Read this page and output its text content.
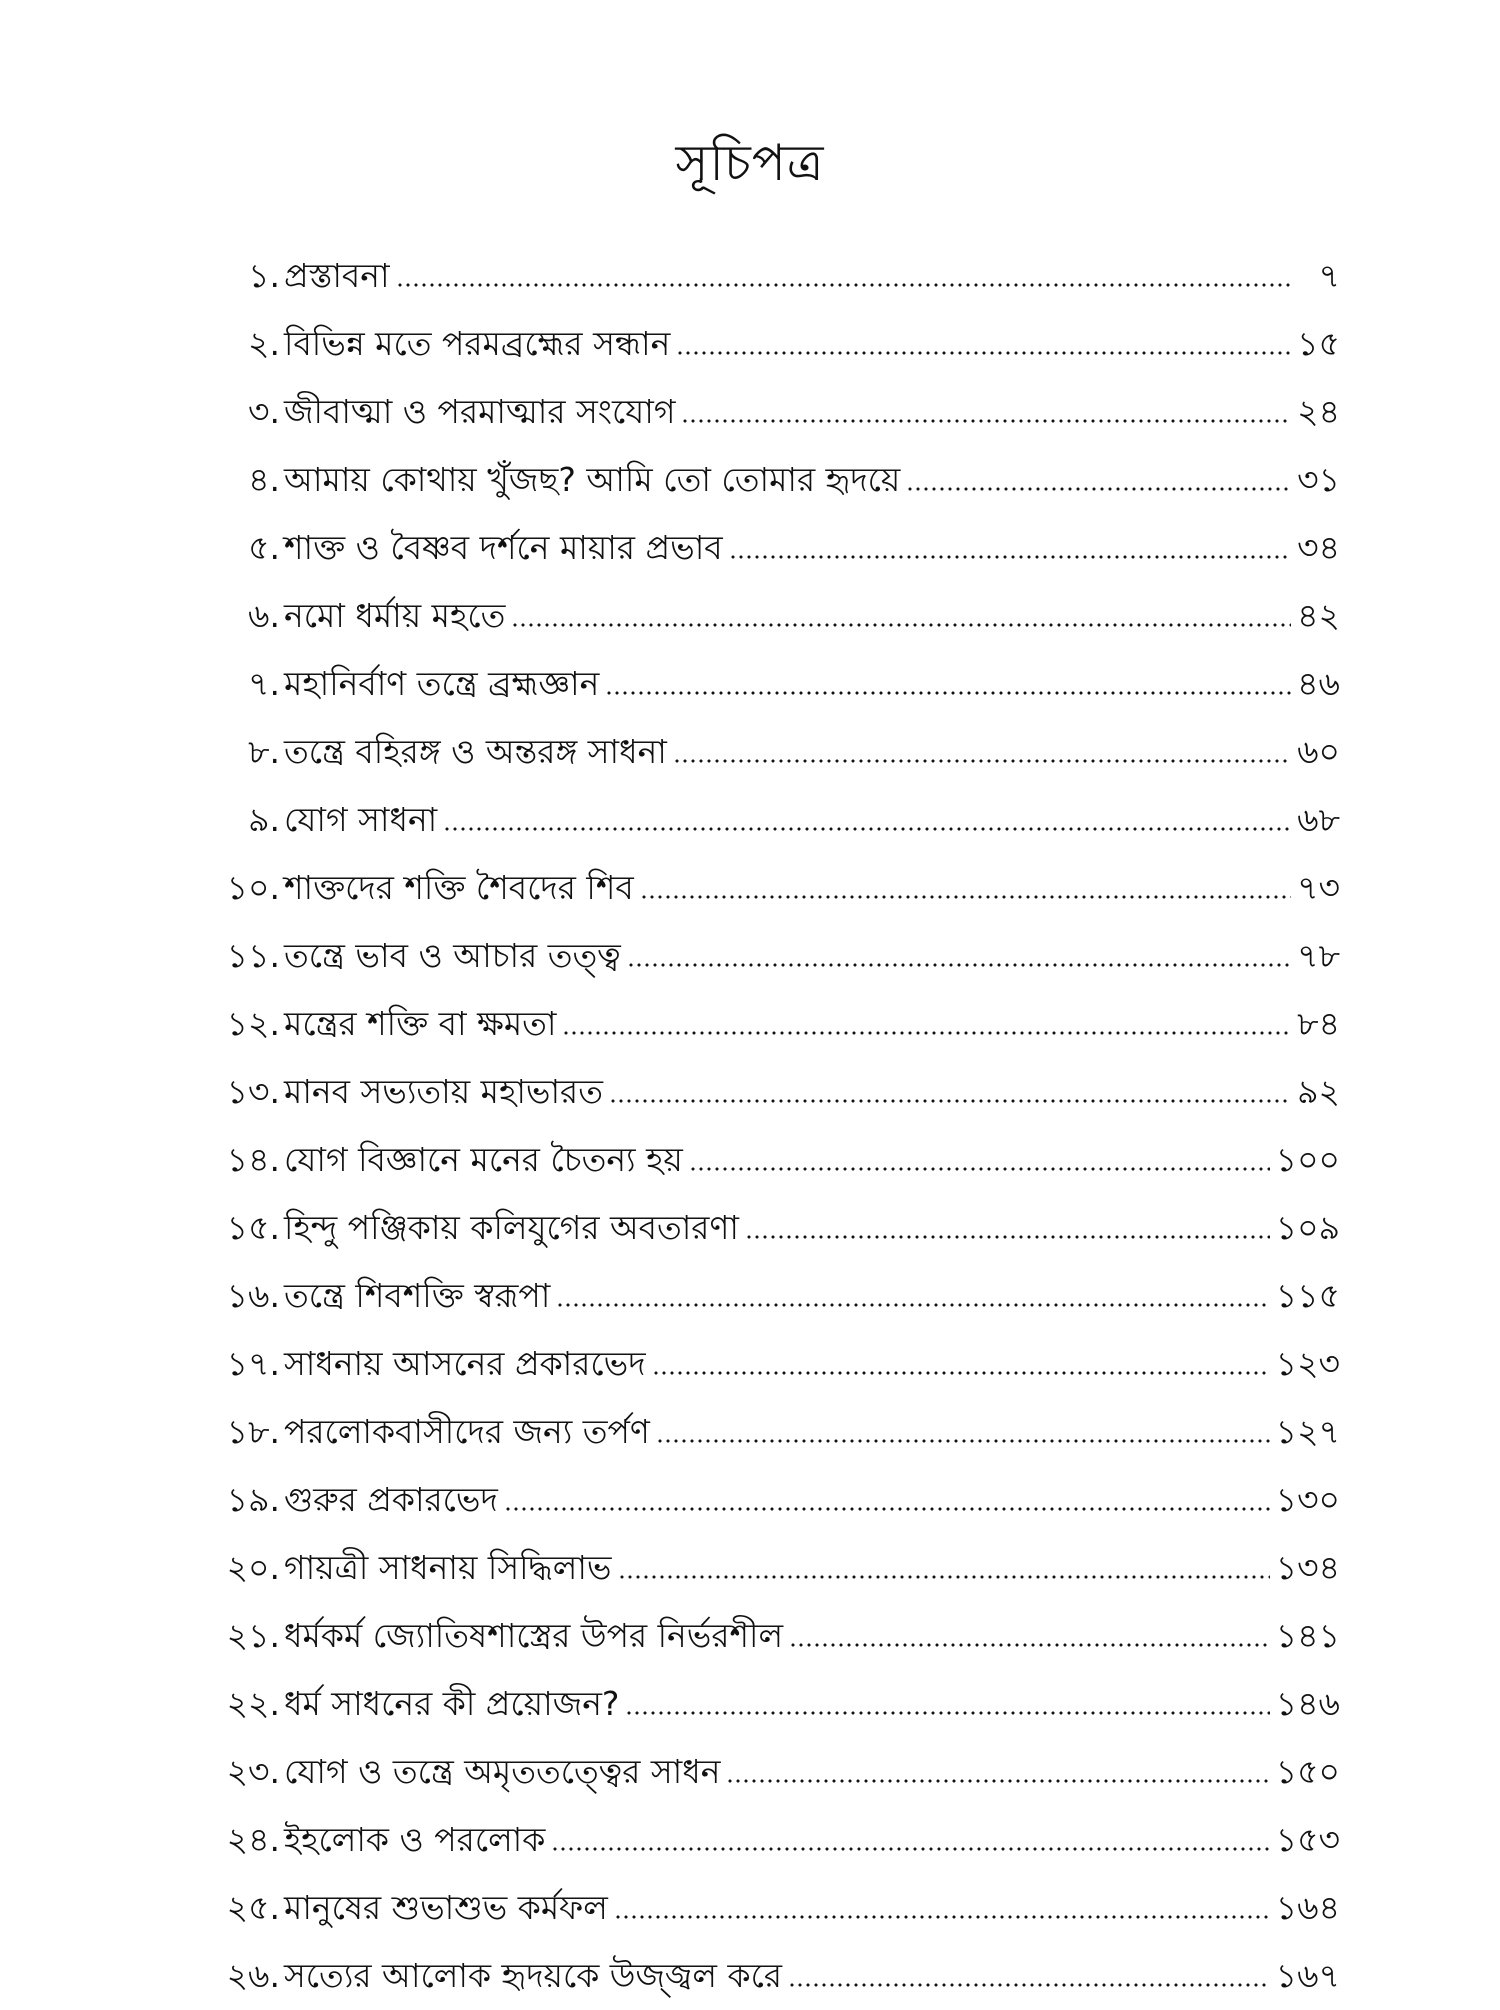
সূচিপত্র
১. প্রস্তাবনা	৭
২. বিভিন্ন মতে পরমব্রহ্মের সন্ধান	১৫
৩. জীবাত্মা ও পরমাত্মার সংযোগ	২৪
৪. আমায় কোথায় খুঁজছ? আমি তো তোমার হৃদয়ে	৩১
৫. শাক্ত ও বৈষ্ণব দর্শনে মায়ার প্রভাব	৩৪
৬. নমো ধর্মায় মহতে	৪২
৭. মহানির্বাণ তন্ত্রে ব্রহ্মজ্ঞান	৪৬
৮. তন্ত্রে বহিরঙ্গ ও অন্তরঙ্গ সাধনা	৬০
৯. যোগ সাধনা	৬৮
১০. শাক্তদের শক্তি শৈবদের শিব	৭৩
১১. তন্ত্রে ভাব ও আচার তত্ত্ব	৭৮
১২. মন্ত্রের শক্তি বা ক্ষমতা	৮৪
১৩. মানব সভ্যতায় মহাভারত	৯২
১৪. যোগ বিজ্ঞানে মনের চৈতন্য হয়	১০০
১৫. হিন্দু পঞ্জিকায় কলিযুগের অবতারণা	১০৯
১৬. তন্ত্রে শিবশক্তি স্বরূপা	১১৫
১৭. সাধনায় আসনের প্রকারভেদ	১২৩
১৮. পরলোকবাসীদের জন্য তর্পণ	১২৭
১৯. গুরুর প্রকারভেদ	১৩০
২০. গায়ত্রী সাধনায় সিদ্ধিলাভ	১৩৪
২১. ধর্মকর্ম জ্যোতিষশাস্ত্রের উপর নির্ভরশীল	১৪১
২২. ধর্ম সাধনের কী প্রয়োজন?	১৪৬
২৩. যোগ ও তন্ত্রে অমৃততত্ত্বের সাধন	১৫০
২৪. ইহলোক ও পরলোক	১৫৩
২৫. মানুষের শুভাশুভ কর্মফল	১৬৪
২৬. সত্যের আলোক হৃদয়কে উজ্জ্বল করে	১৬৭
